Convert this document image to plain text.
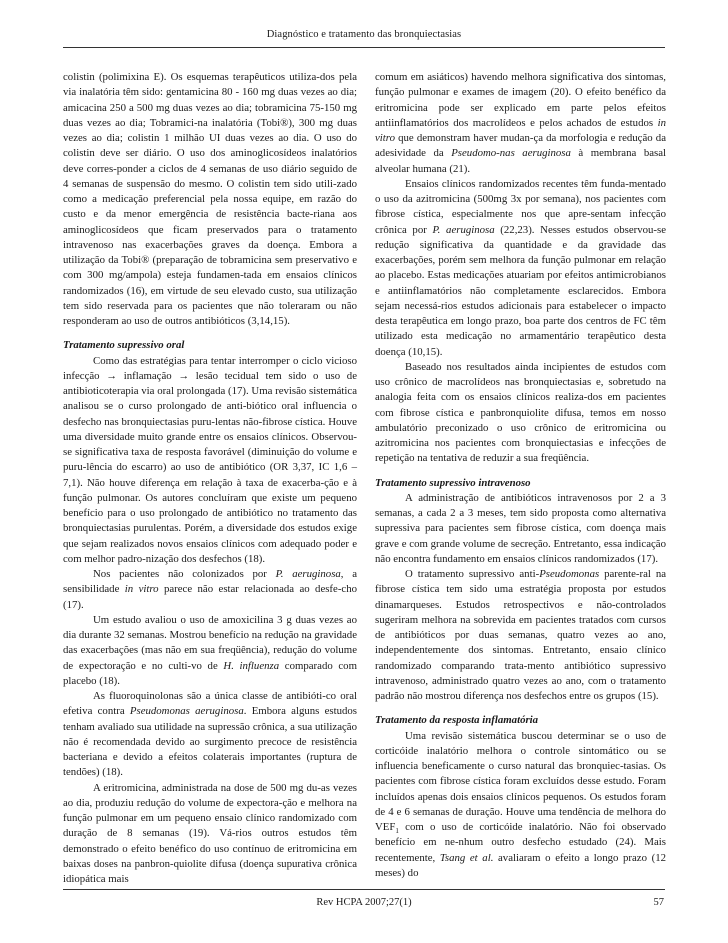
Diagnóstico e tratamento das bronquiectasias

colistin (polimixina E). Os esquemas terapêuticos utiliza-dos pela via inalatória têm sido: gentamicina 80 - 160 mg duas vezes ao dia; amicacina 250 a 500 mg duas vezes ao dia; tobramicina 75-150 mg duas vezes ao dia; Tobramici-na inalatória (Tobi®), 300 mg duas vezes ao dia; colistin 1 milhão UI duas vezes ao dia. O uso do colistin deve ser diário. O uso dos aminoglicosídeos inalatórios deve corres-ponder a ciclos de 4 semanas de uso diário seguido de 4 semanas de suspensão do mesmo. O colistin tem sido utili-zado como a medicação preferencial pela nossa equipe, em razão do custo e da menor emergência de resistência bacte-riana aos aminoglicosídeos que ficam preservados para o tratamento intravenoso nas exacerbações graves da doença. Embora a utilização da Tobi® (preparação de tobramicina sem preservativo e com 300 mg/ampola) esteja fundamen-tada em ensaios clínicos randomizados (16), em virtude de seu elevado custo, sua utilização tem sido reservada para os pacientes que não toleraram ou não responderam ao uso de outros antibióticos (3,14,15).

Tratamento supressivo oral

Como das estratégias para tentar interromper o ciclo vicioso infecção → inflamação → lesão tecidual tem sido o uso de antibioticoterapia via oral prolongada (17). Uma revisão sistemática analisou se o curso prolongado de anti-biótico oral influencia o desfecho nas bronquiectasias puru-lentas não-fibrose cística. Houve uma diversidade muito grande entre os ensaios clínicos. Observou-se significativa taxa de resposta favorável (diminuição do volume e puru-lência do escarro) ao uso de antibiótico (OR 3,37, IC 1,6 – 7,1). Não houve diferença em relação à taxa de exacerba-ção e à função pulmonar. Os autores concluíram que existe um pequeno benefício para o uso prolongado de antibiótico no tratamento das bronquiectasias purulentas. Porém, a diversidade dos estudos exige que sejam realizados novos ensaios clínicos com adequado poder e com melhor padro-nização dos desfechos (18).

Nos pacientes não colonizados por P. aeruginosa, a sensibilidade in vitro parece não estar relacionada ao desfe-cho (17).

Um estudo avaliou o uso de amoxicilina 3 g duas vezes ao dia durante 32 semanas. Mostrou benefício na redução na gravidade das exacerbações (mas não em sua freqüência), redução do volume de expectoração e no culti-vo de H. influenza comparado com placebo (18).

As fluoroquinolonas são a única classe de antibióti-co oral efetiva contra Pseudomonas aeruginosa. Embora alguns estudos tenham avaliado sua utilidade na supressão crônica, a sua utilização não é recomendada devido ao surgimento precoce de resistência bacteriana e devido a efeitos colaterais importantes (ruptura de tendões) (18).

A eritromicina, administrada na dose de 500 mg du-as vezes ao dia, produziu redução do volume de expectora-ção e melhora na função pulmonar em um pequeno ensaio clínico randomizado com duração de 8 semanas (19). Vá-rios outros estudos têm demonstrado o efeito benéfico do uso contínuo de eritromicina em baixas doses na panbron-quiolite difusa (doença supurativa crônica idiopática mais

comum em asiáticos) havendo melhora significativa dos sintomas, função pulmonar e exames de imagem (20). O efeito benéfico da eritromicina pode ser explicado em parte pelos efeitos antiinflamatórios dos macrolídeos e pelos achados de estudos in vitro que demonstram haver mudan-ça da morfologia e redução da adesividade da Pseudomo-nas aeruginosa à membrana basal alveolar humana (21).

Ensaios clínicos randomizados recentes têm funda-mentado o uso da azitromicina (500mg 3x por semana), nos pacientes com fibrose cística, especialmente nos que apre-sentam infecção crônica por P. aeruginosa (22,23). Nesses estudos observou-se redução significativa da quantidade e da gravidade das exacerbações, porém sem melhora da função pulmonar em relação ao placebo. Estas medicações atuariam por efeitos antimicrobianos e antiinflamatórios não completamente esclarecidos. Embora sejam necessá-rios estudos adicionais para estabelecer o impacto desta terapêutica em longo prazo, boa parte dos centros de FC têm utilizado esta medicação no armamentário terapêutico desta doença (10,15).

Baseado nos resultados ainda incipientes de estudos com uso crônico de macrolídeos nas bronquiectasias e, sobretudo na analogia feita com os ensaios clínicos realiza-dos em pacientes com fibrose cística e panbronquiolite difusa, temos em nosso ambulatório preconizado o uso crônico de eritromicina ou azitromicina nos pacientes com bronquiectasias e infecções de repetição na tentativa de reduzir a sua freqüência.

Tratamento supressivo intravenoso

A administração de antibióticos intravenosos por 2 a 3 semanas, a cada 2 a 3 meses, tem sido proposta como alternativa supressiva para pacientes sem fibrose cística, com doença mais grave e com grande volume de secreção. Entretanto, essa indicação não encontra fundamento em ensaios clínicos randomizados (17).

O tratamento supressivo anti-Pseudomonas parente-ral na fibrose cística tem sido uma estratégia proposta por estudos dinamarqueses. Estudos retrospectivos e não-controlados sugeriram melhora na sobrevida em pacientes tratados com cursos de antibióticos por duas semanas, quatro vezes ao ano, independentemente dos sintomas. Entretanto, ensaio clínico randomizado comparando trata-mento antibiótico supressivo intravenoso, administrado quatro vezes ao ano, com o tratamento padrão não mostrou diferença nos desfechos entre os grupos (15).

Tratamento da resposta inflamatória

Uma revisão sistemática buscou determinar se o uso de corticóide inalatório melhora o controle sintomático ou se influencia beneficamente o curso natural das bronquiec-tasias. Os pacientes com fibrose cística foram excluídos desse estudo. Foram incluídos apenas dois ensaios clínicos pequenos. Os estudos foram de 4 e 6 semanas de duração. Houve uma tendência de melhora do $VEF_1$ com o uso de corticóide inalatório. Não foi observado benefício em ne-nhum outro desfecho estudado (24). Mais recentemente, Tsang et al. avaliaram o efeito a longo prazo (12 meses) do

Rev HCPA 2007;27(1)	57
